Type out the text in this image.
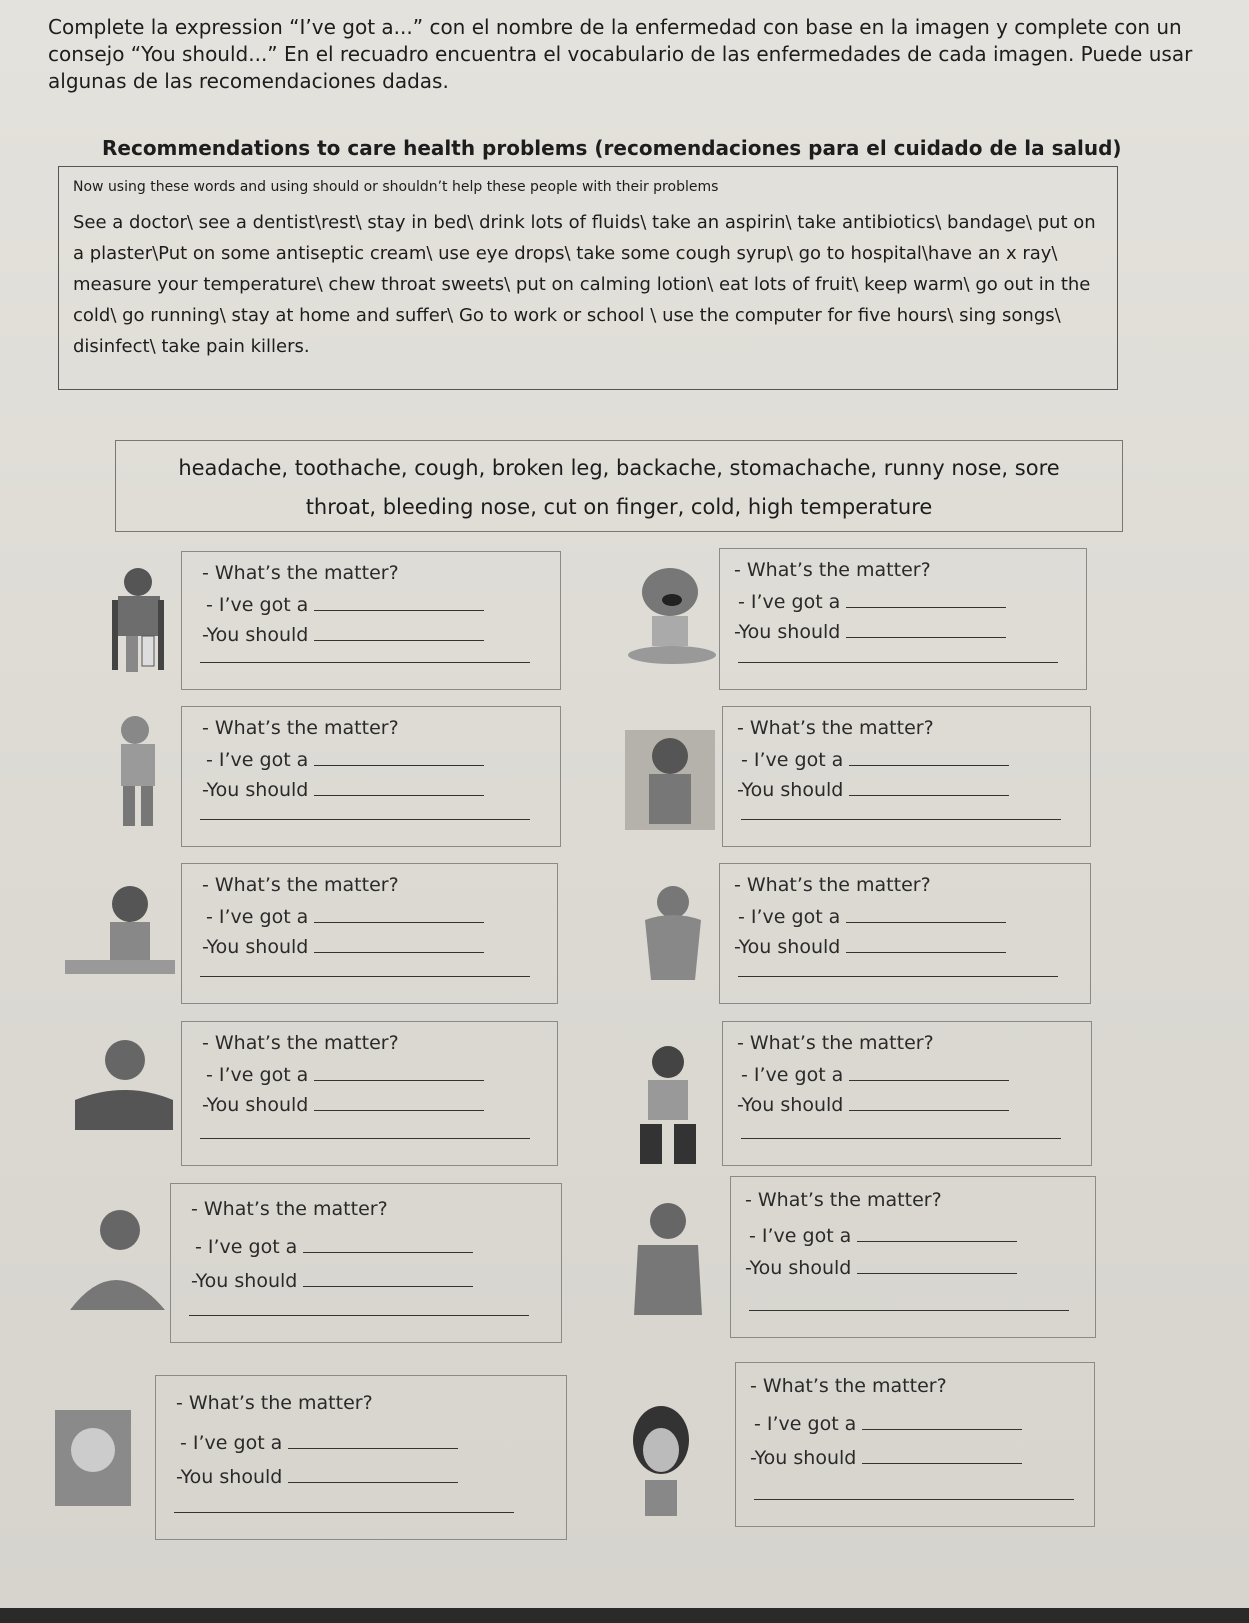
Complete la expression “I’ve got a...” con el nombre de la enfermedad con base en la imagen y complete con un consejo “You should...” En el recuadro encuentra el vocabulario de las enfermedades de cada imagen. Puede usar algunas de las recomendaciones dadas.

Recommendations to care health problems (recomendaciones para el cuidado de la salud)

Now using these words and using should or shouldn’t help these people with their problems

See a doctor\ see a dentist\rest\ stay in bed\ drink lots of fluids\ take an aspirin\ take antibiotics\ bandage\ put on a plaster\Put on some antiseptic cream\ use eye drops\ take some cough syrup\ go to hospital\have an x ray\ measure your temperature\ chew throat sweets\ put on calming lotion\ eat lots of fruit\ keep warm\ go out in the cold\ go running\ stay at home and suffer\ Go to work or school \ use the computer for five hours\ sing songs\ disinfect\ take pain killers.

headache, toothache, cough, broken leg, backache, stomachache, runny nose, sore throat, bleeding nose, cut on finger, cold, high temperature
- What’s the matter?
- I’ve got a
-You should
- What’s the matter?
- I’ve got a
-You should
- What’s the matter?
- I’ve got a
-You should
- What’s the matter?
- I’ve got a
-You should
- What’s the matter?
- I’ve got a
-You should
- What’s the matter?
- I’ve got a
-You should
- What’s the matter?
- I’ve got a
-You should
- What’s the matter?
- I’ve got a
-You should
- What’s the matter?
- I’ve got a
-You should
- What’s the matter?
- I’ve got a
-You should
- What’s the matter?
- I’ve got a
-You should
- What’s the matter?
- I’ve got a
-You should
